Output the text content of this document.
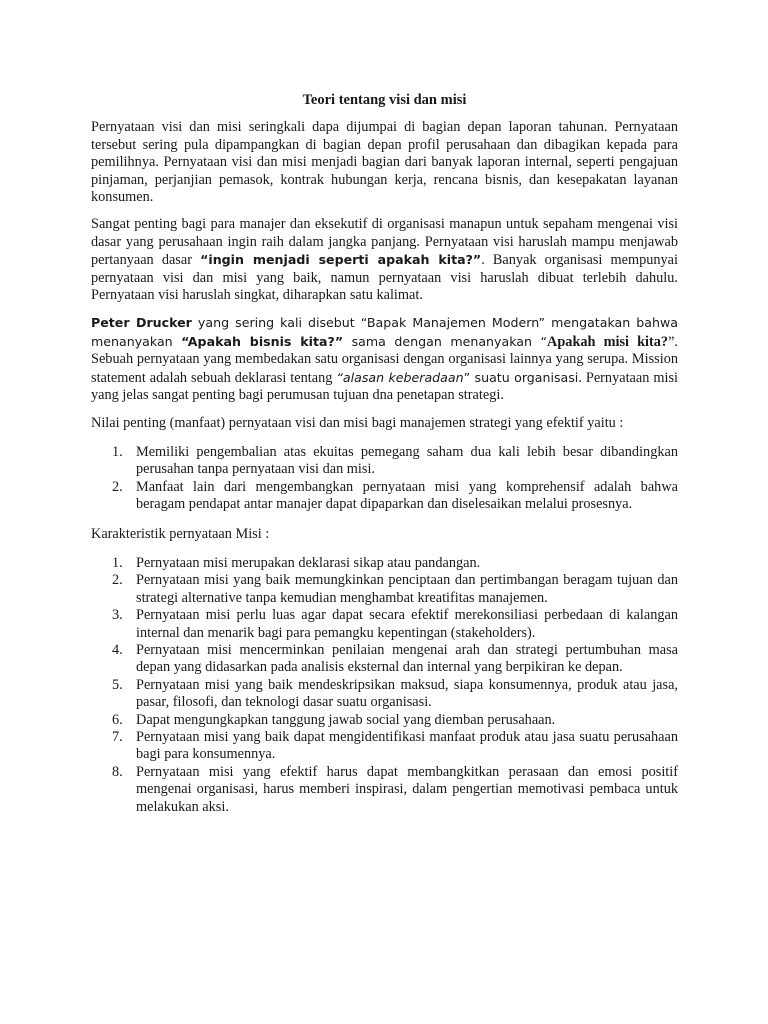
Teori tentang visi dan misi

Pernyataan visi dan misi seringkali dapa dijumpai di bagian depan laporan tahunan. Pernyataan tersebut sering pula dipampangkan di bagian depan profil perusahaan dan dibagikan kepada para pemilihnya. Pernyataan visi dan misi menjadi bagian dari banyak laporan internal, seperti pengajuan pinjaman, perjanjian pemasok, kontrak hubungan kerja, rencana bisnis, dan kesepakatan layanan konsumen.

Sangat penting bagi para manajer dan eksekutif di organisasi manapun untuk sepaham mengenai visi dasar yang perusahaan ingin raih dalam jangka panjang. Pernyataan visi haruslah mampu menjawab pertanyaan dasar “ingin menjadi seperti apakah kita?”. Banyak organisasi mempunyai pernyataan visi dan misi yang baik, namun pernyataan visi haruslah dibuat terlebih dahulu. Pernyataan visi haruslah singkat, diharapkan satu kalimat.

Peter Drucker yang sering kali disebut “Bapak Manajemen Modern” mengatakan bahwa menanyakan “Apakah bisnis kita?” sama dengan menanyakan “Apakah misi kita?”. Sebuah pernyataan yang membedakan satu organisasi dengan organisasi lainnya yang serupa. Mission statement adalah sebuah deklarasi tentang “alasan keberadaan” suatu organisasi. Pernyataan misi yang jelas sangat penting bagi perumusan tujuan dna penetapan strategi.

Nilai penting (manfaat) pernyataan visi dan misi bagi manajemen strategi yang efektif yaitu :

1. Memiliki pengembalian atas ekuitas pemegang saham dua kali lebih besar dibandingkan perusahan tanpa pernyataan visi dan misi.
2. Manfaat lain dari mengembangkan pernyataan misi yang komprehensif adalah bahwa beragam pendapat antar manajer dapat dipaparkan dan diselesaikan melalui prosesnya.

Karakteristik pernyataan Misi :

1. Pernyataan misi merupakan deklarasi sikap atau pandangan.
2. Pernyataan misi yang baik memungkinkan penciptaan dan pertimbangan beragam tujuan dan strategi alternative tanpa kemudian menghambat kreatifitas manajemen.
3. Pernyataan misi perlu luas agar dapat secara efektif merekonsiliasi perbedaan di kalangan internal dan menarik bagi para pemangku kepentingan (stakeholders).
4. Pernyataan misi mencerminkan penilaian mengenai arah dan strategi pertumbuhan masa depan yang didasarkan pada analisis eksternal dan internal yang berpikiran ke depan.
5. Pernyataan misi yang baik mendeskripsikan maksud, siapa konsumennya, produk atau jasa, pasar, filosofi, dan teknologi dasar suatu organisasi.
6. Dapat mengungkapkan tanggung jawab social yang diemban perusahaan.
7. Pernyataan misi yang baik dapat mengidentifikasi manfaat produk atau jasa suatu perusahaan bagi para konsumennya.
8. Pernyataan misi yang efektif harus dapat membangkitkan perasaan dan emosi positif mengenai organisasi, harus memberi inspirasi, dalam pengertian memotivasi pembaca untuk melakukan aksi.
